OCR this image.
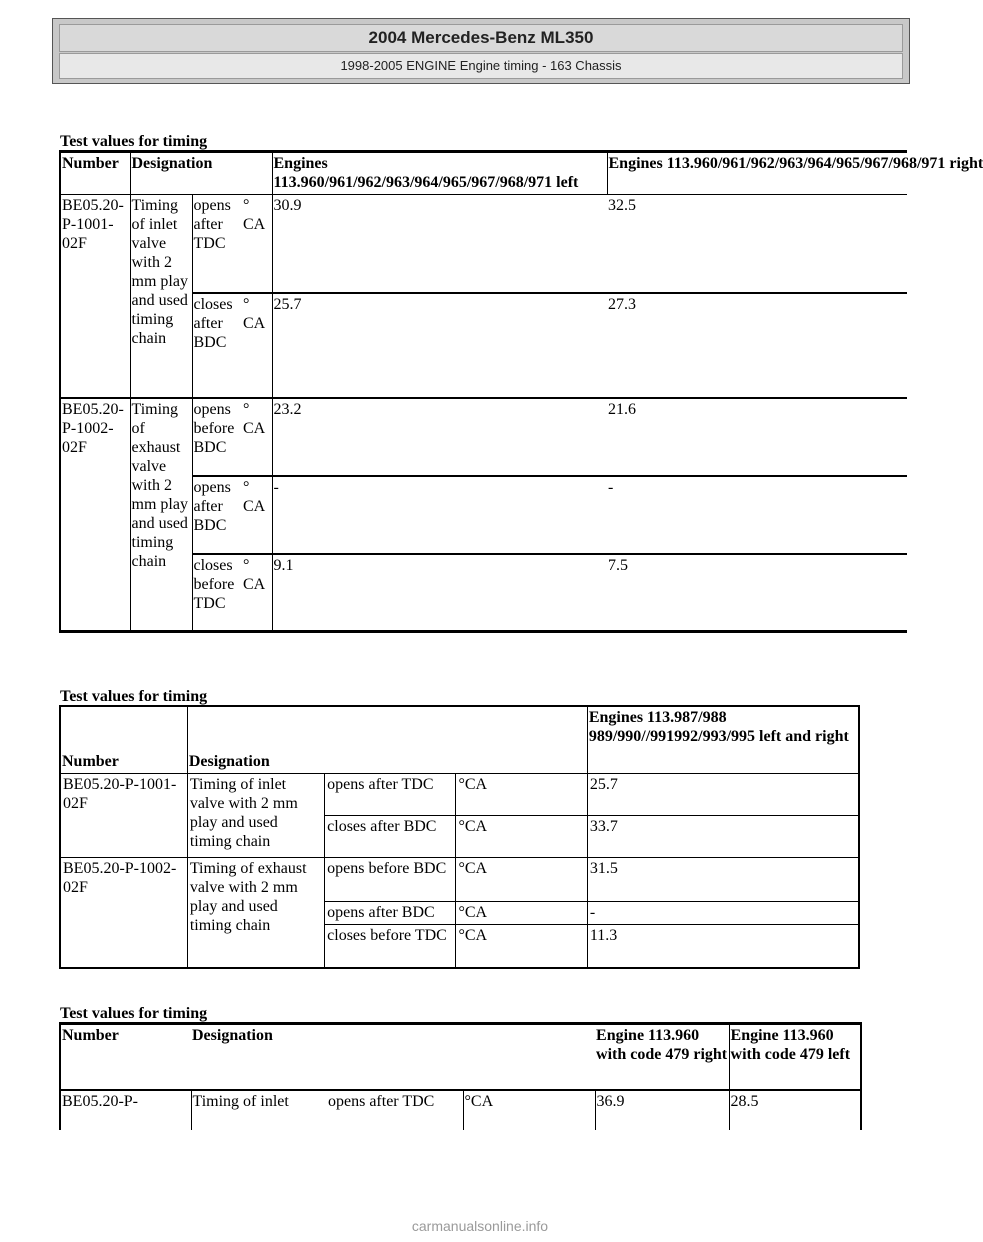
2004 Mercedes-Benz ML350
1998-2005 ENGINE Engine timing - 163 Chassis
Test values for timing
Number	Designation			Engines 113.960/961/962/963/964/965/967/968/971 left	Engines 113.960/961/962/963/964/965/967/968/971 right
BE05.20-P-1001-02F	Timing of inlet valve with 2 mm play and used timing chain	opens after TDC	° CA	30.9	32.5
		closes after BDC	° CA	25.7	27.3
BE05.20-P-1002-02F	Timing of exhaust valve with 2 mm play and used timing chain	opens before BDC	° CA	23.2	21.6
		opens after BDC	° CA	-	-
		closes before TDC	° CA	9.1	7.5
Test values for timing
Number	Designation			Engines 113.987/988 989/990//991992/993/995 left and right
BE05.20-P-1001-02F	Timing of inlet valve with 2 mm play and used timing chain	opens after TDC	°CA	25.7
		closes after BDC	°CA	33.7
BE05.20-P-1002-02F	Timing of exhaust valve with 2 mm play and used timing chain	opens before BDC	°CA	31.5
		opens after BDC	°CA	-
		closes before TDC	°CA	11.3
Test values for timing
Number	Designation			Engine 113.960 with code 479 right	Engine 113.960 with code 479 left
BE05.20-P-	Timing of inlet	opens after TDC	°CA	36.9	28.5
carmanualsonline.info
